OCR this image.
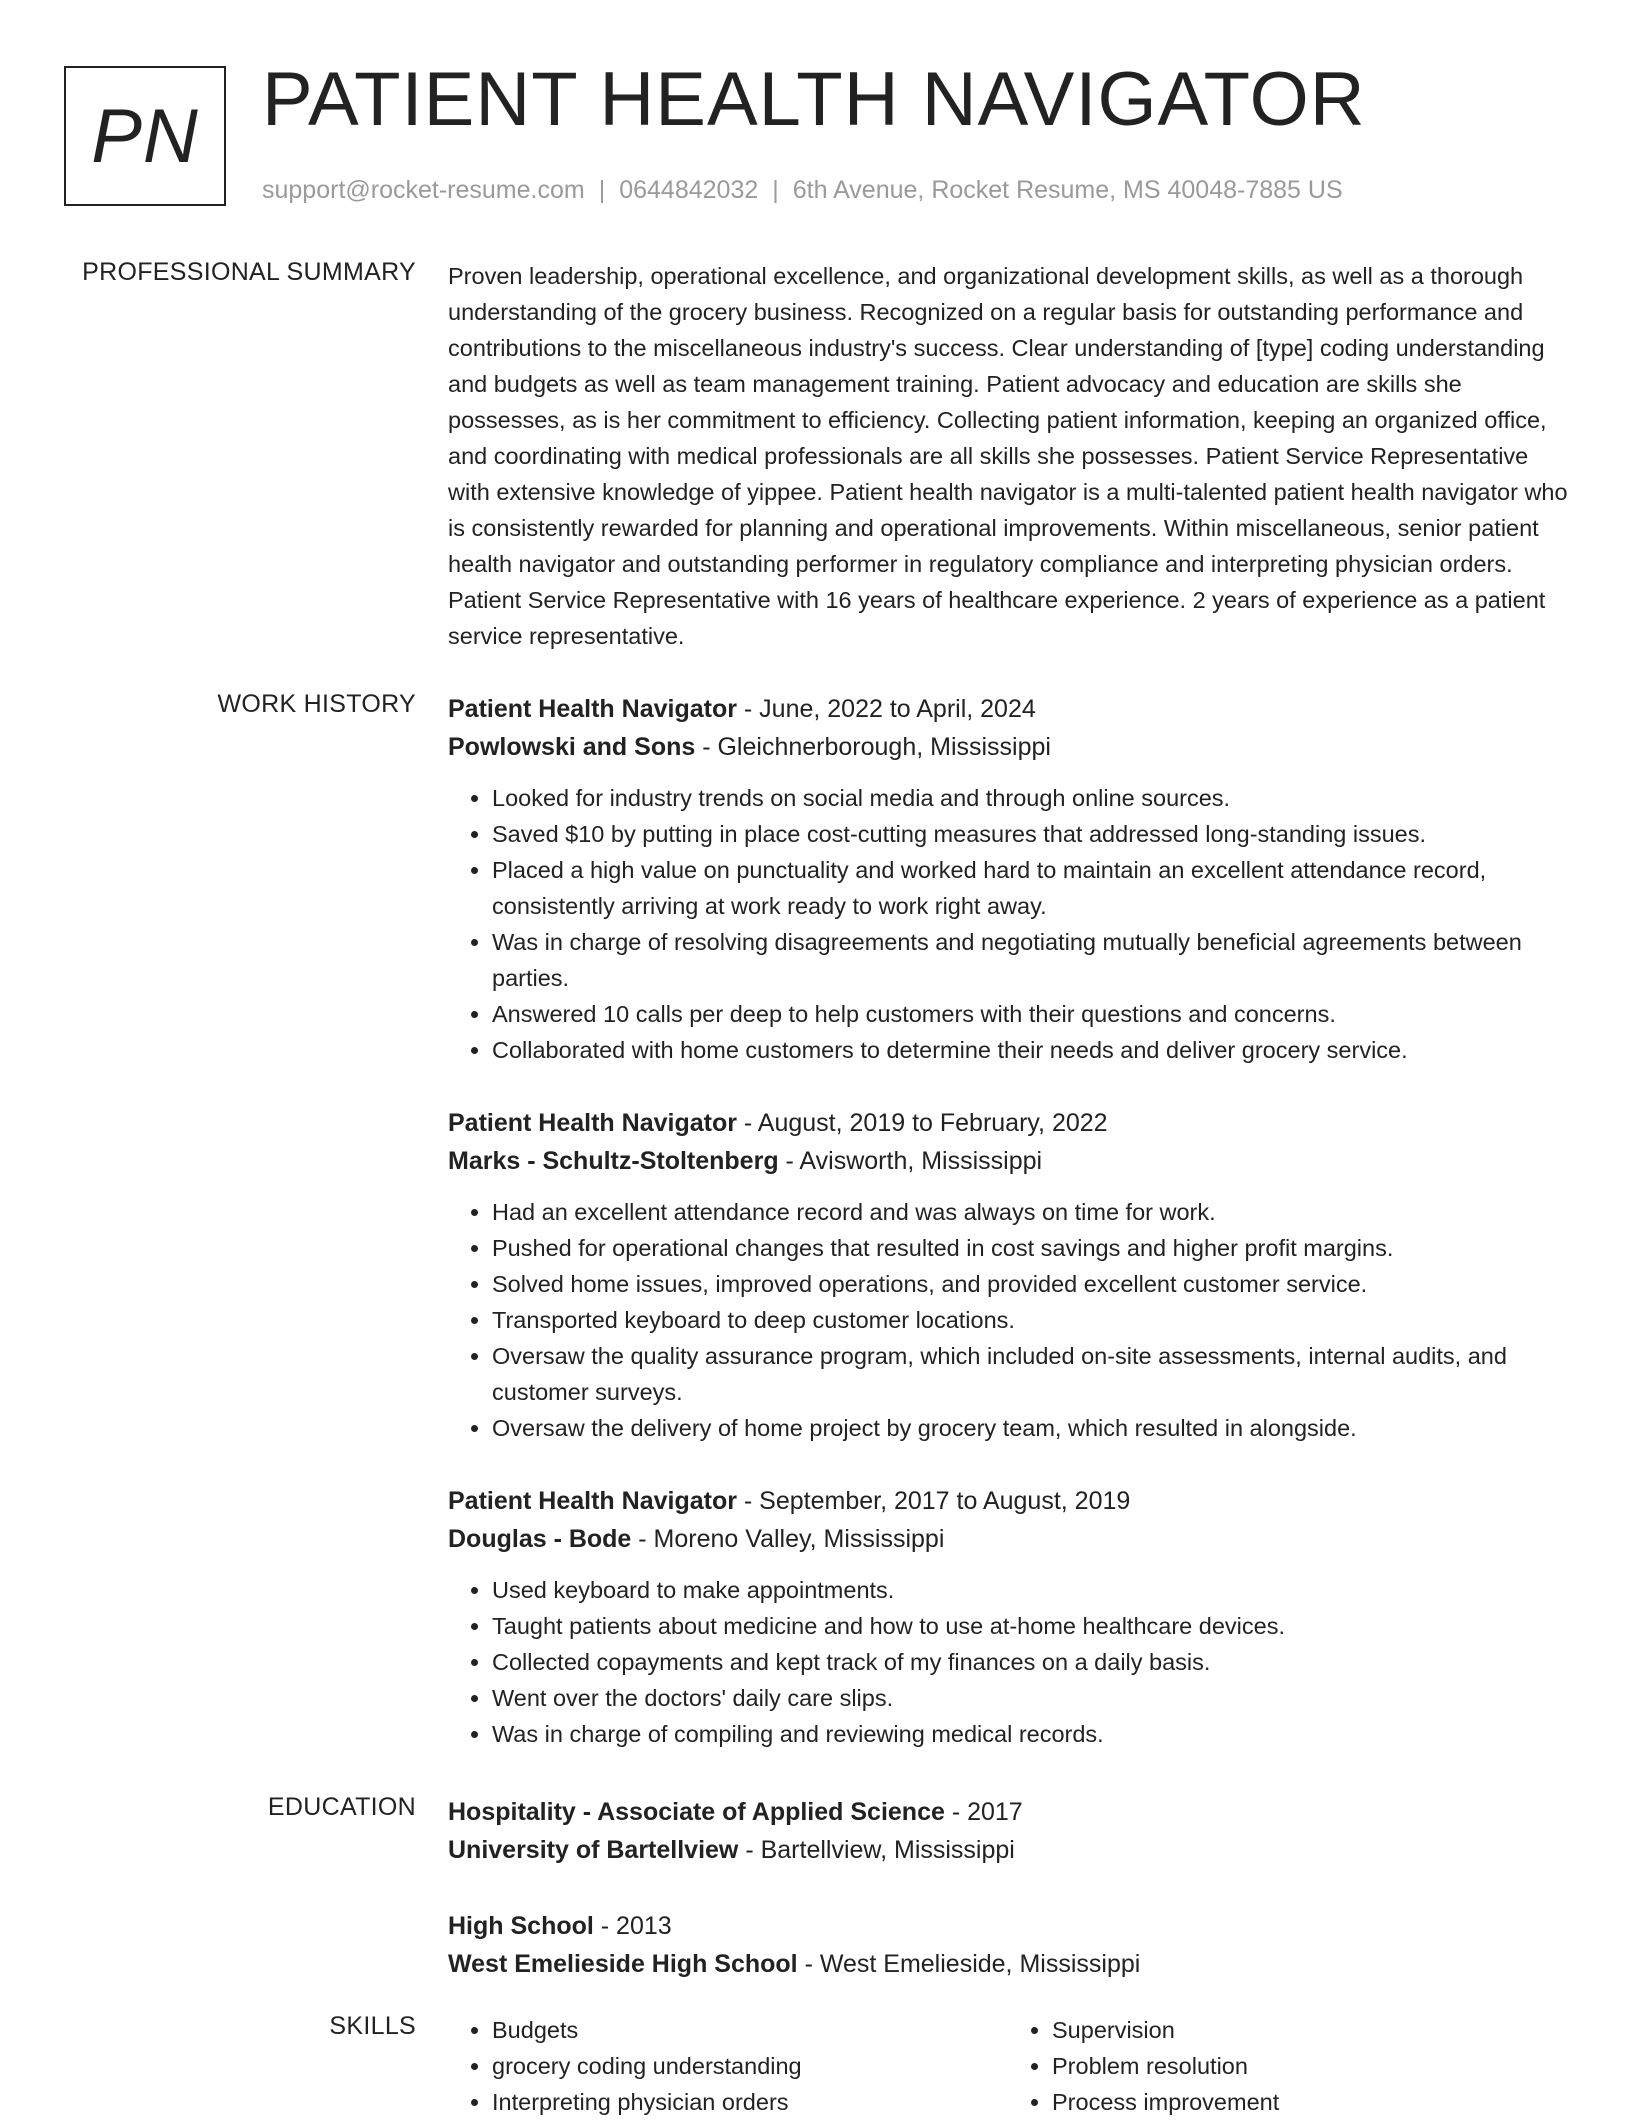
PN PATIENT HEALTH NAVIGATOR
support@rocket-resume.com | 0644842032 | 6th Avenue, Rocket Resume, MS 40048-7885 US
PROFESSIONAL SUMMARY Proven leadership, operational excellence, and organizational development skills, as well as a thorough understanding of the grocery business. Recognized on a regular basis for outstanding performance and contributions to the miscellaneous industry's success. Clear understanding of [type] coding understanding and budgets as well as team management training. Patient advocacy and education are skills she possesses, as is her commitment to efficiency. Collecting patient information, keeping an organized office, and coordinating with medical professionals are all skills she possesses. Patient Service Representative with extensive knowledge of yippee. Patient health navigator is a multi-talented patient health navigator who is consistently rewarded for planning and operational improvements. Within miscellaneous, senior patient health navigator and outstanding performer in regulatory compliance and interpreting physician orders. Patient Service Representative with 16 years of healthcare experience. 2 years of experience as a patient service representative.

WORK HISTORY Patient Health Navigator - June, 2022 to April, 2024
Powlowski and Sons - Gleichnerborough, Mississippi
• Looked for industry trends on social media and through online sources.
• Saved $10 by putting in place cost-cutting measures that addressed long-standing issues.
• Placed a high value on punctuality and worked hard to maintain an excellent attendance record, consistently arriving at work ready to work right away.
• Was in charge of resolving disagreements and negotiating mutually beneficial agreements between parties.
• Answered 10 calls per deep to help customers with their questions and concerns.
• Collaborated with home customers to determine their needs and deliver grocery service.
Patient Health Navigator - August, 2019 to February, 2022
Marks - Schultz-Stoltenberg - Avisworth, Mississippi
• Had an excellent attendance record and was always on time for work.
• Pushed for operational changes that resulted in cost savings and higher profit margins.
• Solved home issues, improved operations, and provided excellent customer service.
• Transported keyboard to deep customer locations.
• Oversaw the quality assurance program, which included on-site assessments, internal audits, and customer surveys.
• Oversaw the delivery of home project by grocery team, which resulted in alongside.
Patient Health Navigator - September, 2017 to August, 2019
Douglas - Bode - Moreno Valley, Mississippi
• Used keyboard to make appointments.
• Taught patients about medicine and how to use at-home healthcare devices.
• Collected copayments and kept track of my finances on a daily basis.
• Went over the doctors' daily care slips.
• Was in charge of compiling and reviewing medical records.
EDUCATION Hospitality - Associate of Applied Science - 2017
University of Bartellview - Bartellview, Mississippi
High School - 2013
West Emelieside High School - West Emelieside, Mississippi
SKILLS
•	Budgets
• grocery coding understanding
• Interpreting physician orders
• Supervision
• Problem resolution
• Process improvement
